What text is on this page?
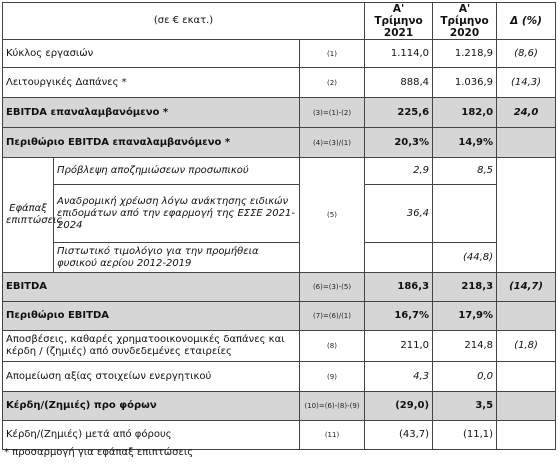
(σε € εκατ.)			Α' Τρίμηνο 2021	Α' Τρίμηνο 2020	Δ (%)
Κύκλος εργασιών		(1)	1.114,0	1.218,9	(8,6)
Λειτουργικές Δαπάνες *		(2)	888,4	1.036,9	(14,3)
EBITDA επαναλαμβανόμενο *		(3)=(1)-(2)	225,6	182,0	24,0
Περιθώριο EBITDA επαναλαμβανόμενο *		(4)=(3)/(1)	20,3%	14,9%	
Εφάπαξ επιπτώσεις	Πρόβλεψη αποζημιώσεων προσωπικού	(5)	2,9	8,5	
	Αναδρομική χρέωση λόγω ανάκτησης ειδικών επιδομάτων από την εφαρμογή της ΕΣΣΕ 2021-2024		36,4		
	Πιστωτικό τιμολόγιο για την προμήθεια φυσικού αερίου 2012-2019			(44,8)	
EBITDA		(6)=(3)-(5)	186,3	218,3	(14,7)
Περιθώριο EBITDA		(7)=(6)/(1)	16,7%	17,9%	
Αποσβέσεις, καθαρές χρηματοοικονομικές δαπάνες και κέρδη / (ζημιές) από συνδεδεμένες εταιρείες		(8)	211,0	214,8	(1,8)
Απομείωση αξίας στοιχείων ενεργητικού		(9)	4,3	0,0	
Κέρδη/(Ζημιές) προ φόρων		(10)=(6)-(8)-(9)	(29,0)	3,5	
Κέρδη/(Ζημιές) μετά από φόρους		(11)	(43,7)	(11,1)	
* προσαρμογή για εφάπαξ επιπτώσεις
